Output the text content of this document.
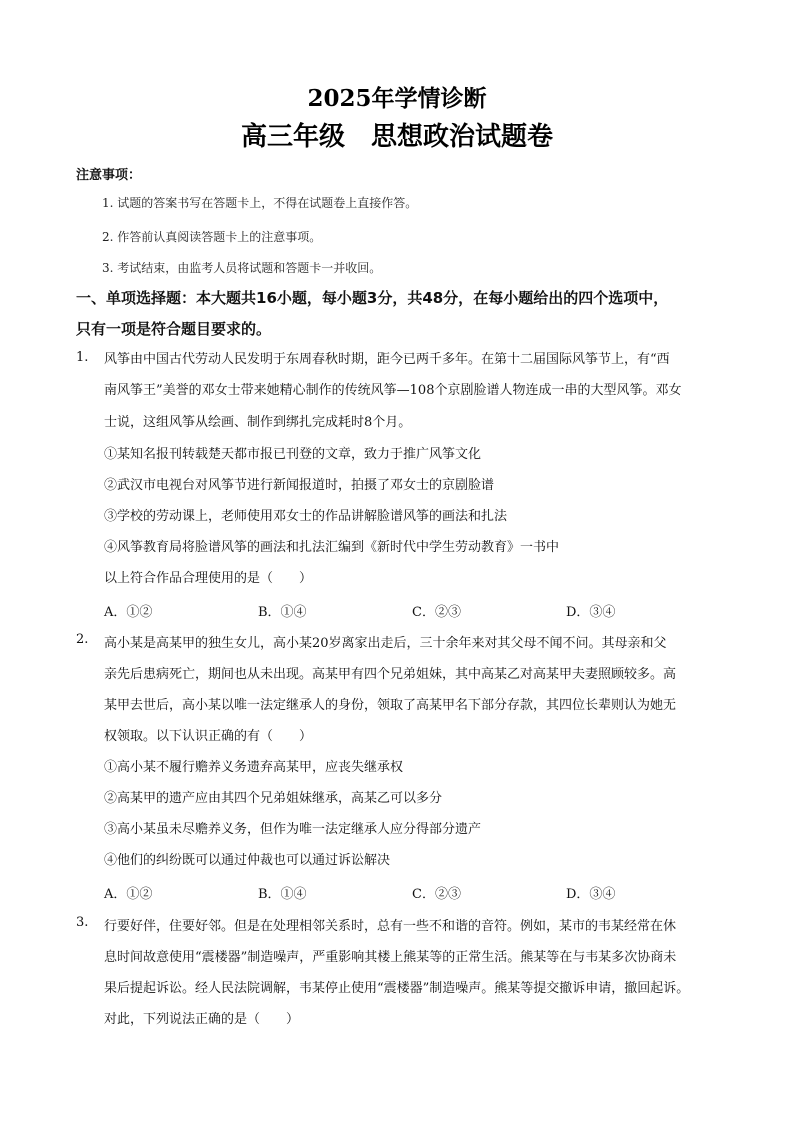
2025年学情诊断
高三年级　思想政治试题卷
注意事项：
1. 试题的答案书写在答题卡上，不得在试题卷上直接作答。
2. 作答前认真阅读答题卡上的注意事项。
3. 考试结束，由监考人员将试题和答题卡一并收回。
一、单项选择题：本大题共16小题，每小题3分，共48分，在每小题给出的四个选项中，
只有一项是符合题目要求的。
1. 风筝由中国古代劳动人民发明于东周春秋时期，距今已两千多年。在第十二届国际风筝节上，有“西
南风筝王”美誉的邓女士带来她精心制作的传统风筝—108个京剧脸谱人物连成一串的大型风筝。邓女
士说，这组风筝从绘画、制作到绑扎完成耗时8个月。
①某知名报刊转载楚天都市报已刊登的文章，致力于推广风筝文化
②武汉市电视台对风筝节进行新闻报道时，拍摄了邓女士的京剧脸谱
③学校的劳动课上，老师使用邓女士的作品讲解脸谱风筝的画法和扎法
④风筝教育局将脸谱风筝的画法和扎法汇编到《新时代中学生劳动教育》一书中
以上符合作品合理使用的是（　　）
A．①②	B．①④	C．②③	D．③④
2. 高小某是高某甲的独生女儿，高小某20岁离家出走后，三十余年来对其父母不闻不问。其母亲和父
亲先后患病死亡，期间也从未出现。高某甲有四个兄弟姐妹，其中高某乙对高某甲夫妻照顾较多。高
某甲去世后，高小某以唯一法定继承人的身份，领取了高某甲名下部分存款，其四位长辈则认为她无
权领取。以下认识正确的有（　　）
①高小某不履行赡养义务遗弃高某甲，应丧失继承权
②高某甲的遗产应由其四个兄弟姐妹继承，高某乙可以多分
③高小某虽未尽赡养义务，但作为唯一法定继承人应分得部分遗产
④他们的纠纷既可以通过仲裁也可以通过诉讼解决
A．①②	B．①④	C．②③	D．③④
3. 行要好伴，住要好邻。但是在处理相邻关系时，总有一些不和谐的音符。例如，某市的韦某经常在休
息时间故意使用“震楼器”制造噪声，严重影响其楼上熊某等的正常生活。熊某等在与韦某多次协商未
果后提起诉讼。经人民法院调解，韦某停止使用“震楼器”制造噪声。熊某等提交撤诉申请，撤回起诉。
对此，下列说法正确的是（　　）
